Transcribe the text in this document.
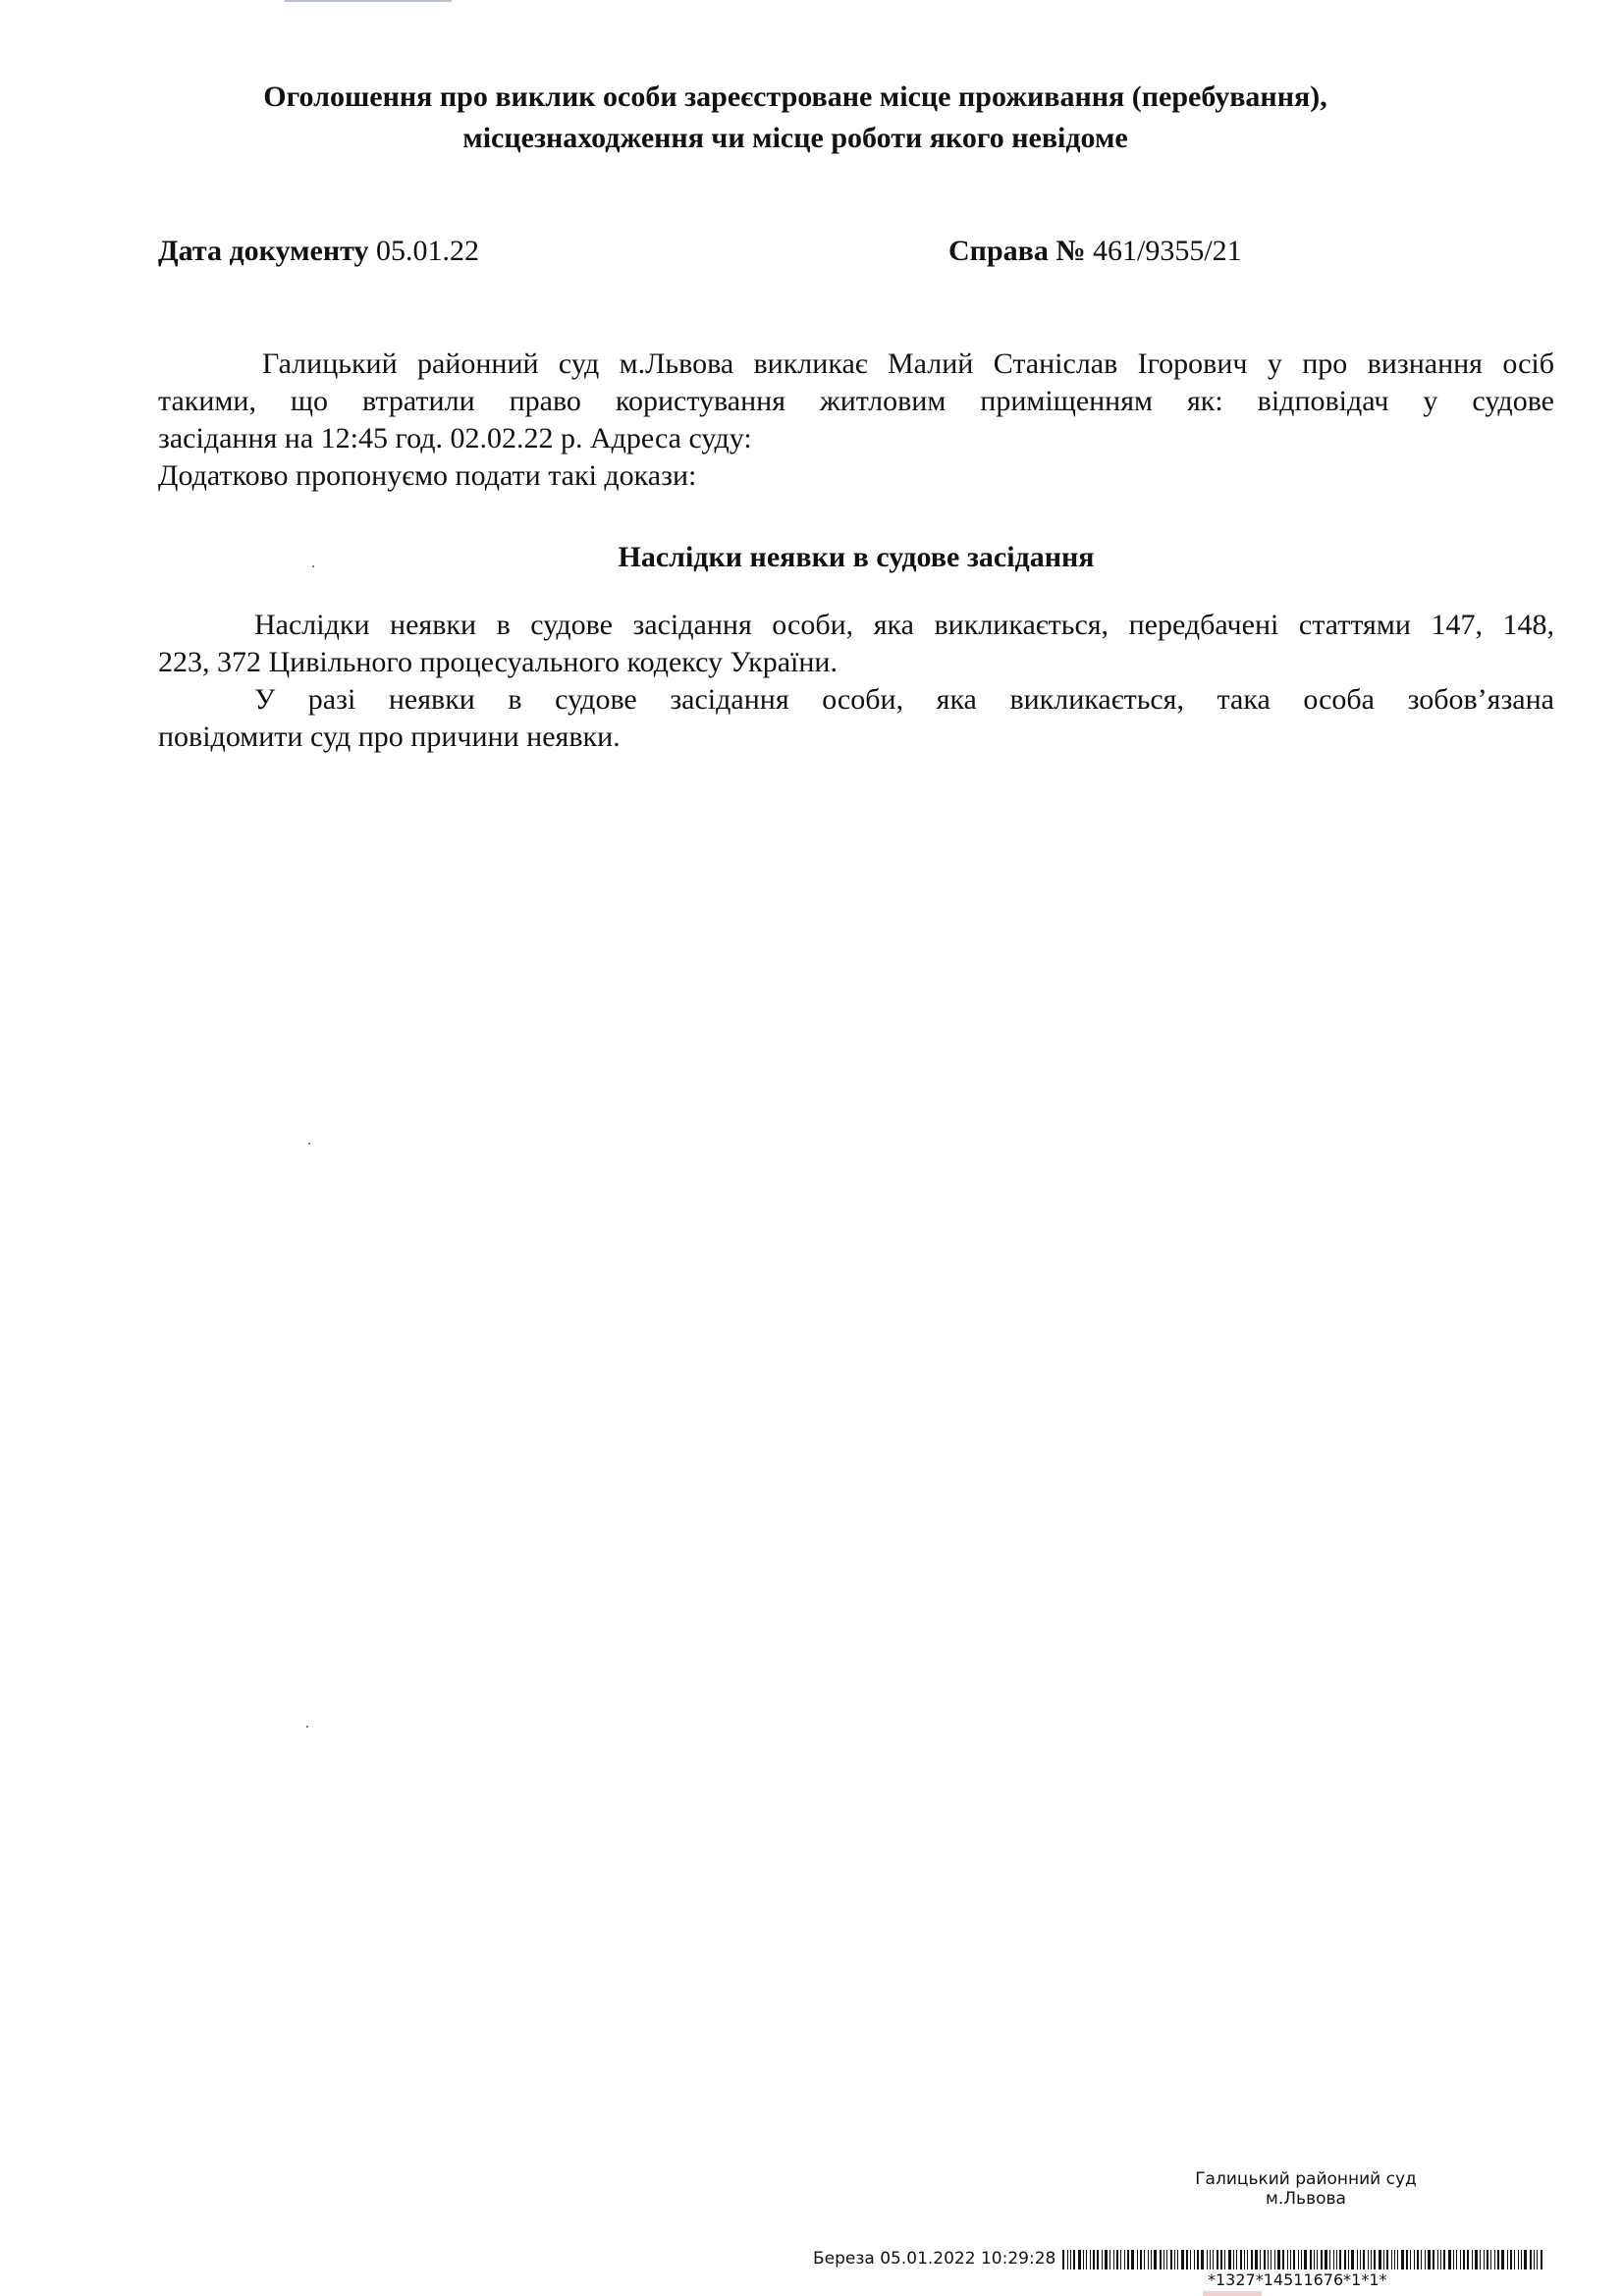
Оголошення про виклик особи зареєстроване місце проживання (перебування),
місцезнаходження чи місце роботи якого невідоме
Дата документу 05.01.22	Справа № 461/9355/21
Галицький районний суд м.Львова викликає Малий Станіслав Ігорович у про визнання осіб
такими, що втратили право користування житловим приміщенням як: відповідач у судове
засідання на 12:45 год. 02.02.22 р. Адреса суду:
Додатково пропонуємо подати такі докази:
Наслідки неявки в судове засідання
Наслідки неявки в судове засідання особи, яка викликається, передбачені статтями 147, 148,
223, 372 Цивільного процесуального кодексу України.
У разі неявки в судове засідання особи, яка викликається, така особа зобов’язана
повідомити суд про причини неявки.
Галицький районний суд
м.Львова
Береза 05.01.2022 10:29:28
*1327*14511676*1*1*
